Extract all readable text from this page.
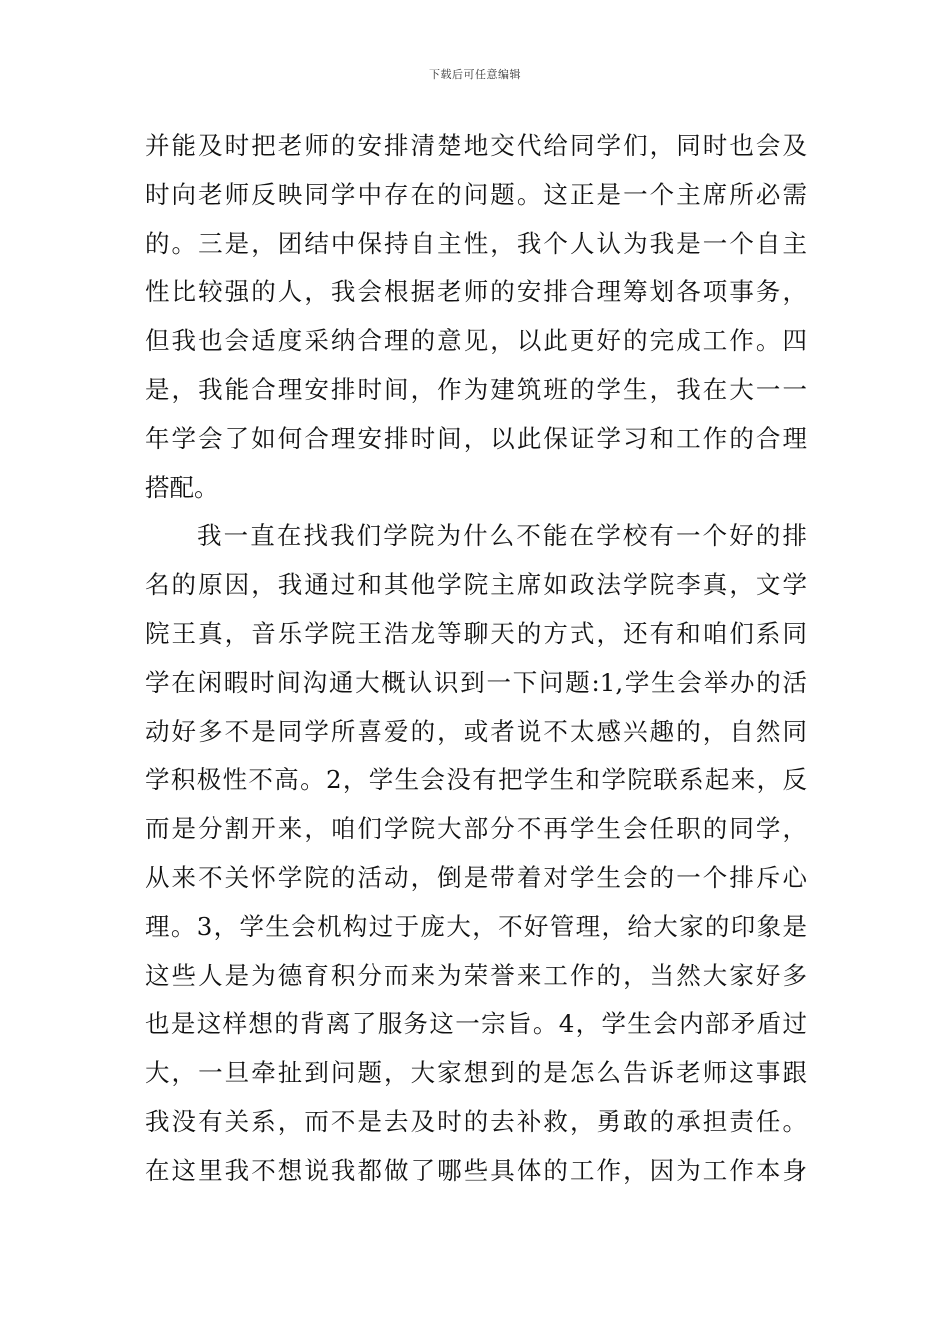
下载后可任意编辑
并能及时把老师的安排清楚地交代给同学们，同时也会及
时向老师反映同学中存在的问题。这正是一个主席所必需
的。三是，团结中保持自主性，我个人认为我是一个自主
性比较强的人，我会根据老师的安排合理筹划各项事务，
但我也会适度采纳合理的意见，以此更好的完成工作。四
是，我能合理安排时间，作为建筑班的学生，我在大一一
年学会了如何合理安排时间，以此保证学习和工作的合理
搭配。
我一直在找我们学院为什么不能在学校有一个好的排
名的原因，我通过和其他学院主席如政法学院李真，文学
院王真，音乐学院王浩龙等聊天的方式，还有和咱们系同
学在闲暇时间沟通大概认识到一下问题:1,学生会举办的活
动好多不是同学所喜爱的，或者说不太感兴趣的，自然同
学积极性不高。2，学生会没有把学生和学院联系起来，反
而是分割开来，咱们学院大部分不再学生会任职的同学，
从来不关怀学院的活动，倒是带着对学生会的一个排斥心
理。3，学生会机构过于庞大，不好管理，给大家的印象是
这些人是为德育积分而来为荣誉来工作的，当然大家好多
也是这样想的背离了服务这一宗旨。4，学生会内部矛盾过
大，一旦牵扯到问题，大家想到的是怎么告诉老师这事跟
我没有关系，而不是去及时的去补救，勇敢的承担责任。
在这里我不想说我都做了哪些具体的工作，因为工作本身
